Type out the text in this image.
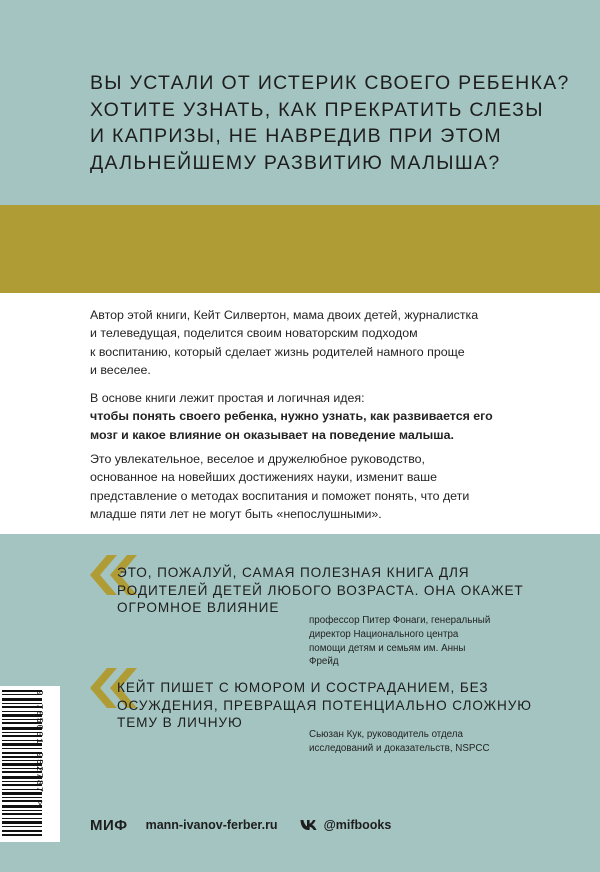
ВЫ УСТАЛИ ОТ ИСТЕРИК СВОЕГО РЕБЕНКА?
ХОТИТЕ УЗНАТЬ, КАК ПРЕКРАТИТЬ СЛЕЗЫ
И КАПРИЗЫ, НЕ НАВРЕДИВ ПРИ ЭТОМ
ДАЛЬНЕЙШЕМУ РАЗВИТИЮ МАЛЫША?
Автор этой книги, Кейт Силвертон, мама двоих детей, журналистка
и телеведущая, поделится своим новаторским подходом
к воспитанию, который сделает жизнь родителей намного проще
и веселее.
В основе книги лежит простая и логичная идея:
чтобы понять своего ребенка, нужно узнать, как развивается его
мозг и какое влияние он оказывает на поведение малыша.
Это увлекательное, веселое и дружелюбное руководство,
основанное на новейших достижениях науки, изменит ваше
представление о методах воспитания и поможет понять, что дети
младше пяти лет не могут быть «непослушными».
ЭТО, ПОЖАЛУЙ, САМАЯ ПОЛЕЗНАЯ КНИГА ДЛЯ
РОДИТЕЛЕЙ ДЕТЕЙ ЛЮБОГО ВОЗРАСТА. ОНА ОКАЖЕТ
ОГРОМНОЕ ВЛИЯНИЕ
профессор Питер Фонаги, генеральный
директор Национального центра
помощи детям и семьям им. Анны
Фрейд
КЕЙТ ПИШЕТ С ЮМОРОМ И СОСТРАДАНИЕМ, БЕЗ
ОСУЖДЕНИЯ, ПРЕВРАЩАЯ ПОТЕНЦИАЛЬНО СЛОЖНУЮ
ТЕМУ В ЛИЧНУЮ
Сьюзан Кук, руководитель отдела
исследований и доказательств, NSPCC
9 785001 952787 >
МИФ mann-ivanov-ferber.ru	@mifbooks
